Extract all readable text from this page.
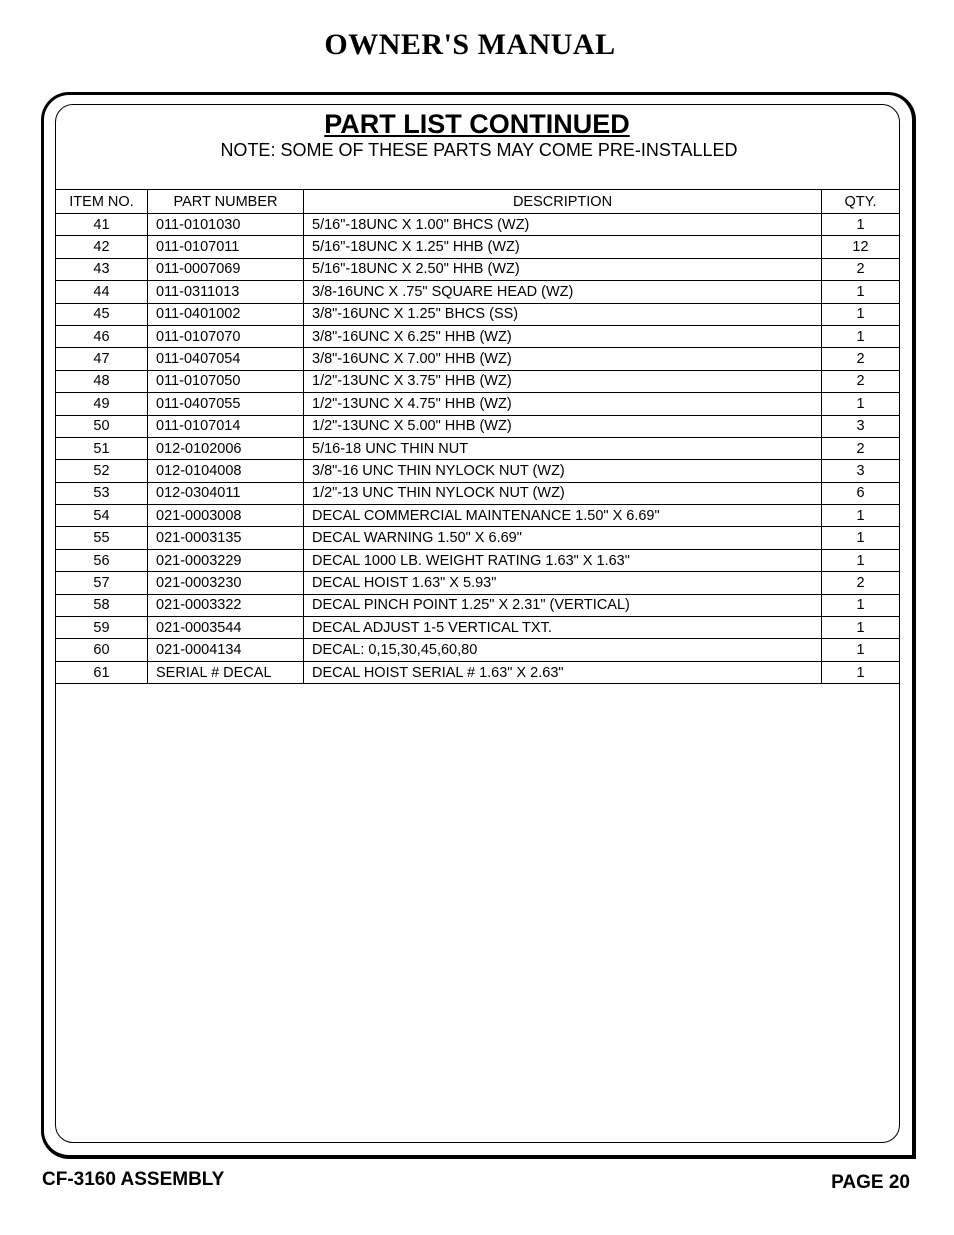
OWNER'S MANUAL
PART LIST CONTINUED
NOTE: SOME OF THESE PARTS MAY COME PRE-INSTALLED
ITEM NO.	PART NUMBER	DESCRIPTION	QTY.
41	011-0101030	5/16"-18UNC X 1.00" BHCS (WZ)	1
42	011-0107011	5/16"-18UNC X 1.25" HHB (WZ)	12
43	011-0007069	5/16"-18UNC X 2.50" HHB (WZ)	2
44	011-0311013	3/8-16UNC X .75" SQUARE HEAD (WZ)	1
45	011-0401002	3/8"-16UNC X 1.25" BHCS (SS)	1
46	011-0107070	3/8"-16UNC X 6.25" HHB (WZ)	1
47	011-0407054	3/8"-16UNC X 7.00" HHB (WZ)	2
48	011-0107050	1/2"-13UNC X 3.75" HHB (WZ)	2
49	011-0407055	1/2"-13UNC X 4.75" HHB (WZ)	1
50	011-0107014	1/2"-13UNC X 5.00" HHB (WZ)	3
51	012-0102006	5/16-18 UNC THIN NUT	2
52	012-0104008	3/8"-16 UNC THIN NYLOCK NUT (WZ)	3
53	012-0304011	1/2"-13 UNC THIN NYLOCK NUT (WZ)	6
54	021-0003008	DECAL COMMERCIAL MAINTENANCE 1.50" X 6.69"	1
55	021-0003135	DECAL WARNING 1.50" X 6.69"	1
56	021-0003229	DECAL 1000 LB. WEIGHT RATING 1.63" X 1.63"	1
57	021-0003230	DECAL HOIST 1.63" X 5.93"	2
58	021-0003322	DECAL PINCH POINT 1.25" X 2.31" (VERTICAL)	1
59	021-0003544	DECAL ADJUST 1-5 VERTICAL TXT.	1
60	021-0004134	DECAL: 0,15,30,45,60,80	1
61	SERIAL # DECAL	DECAL HOIST SERIAL # 1.63" X 2.63"	1
CF-3160 ASSEMBLY	PAGE 20
